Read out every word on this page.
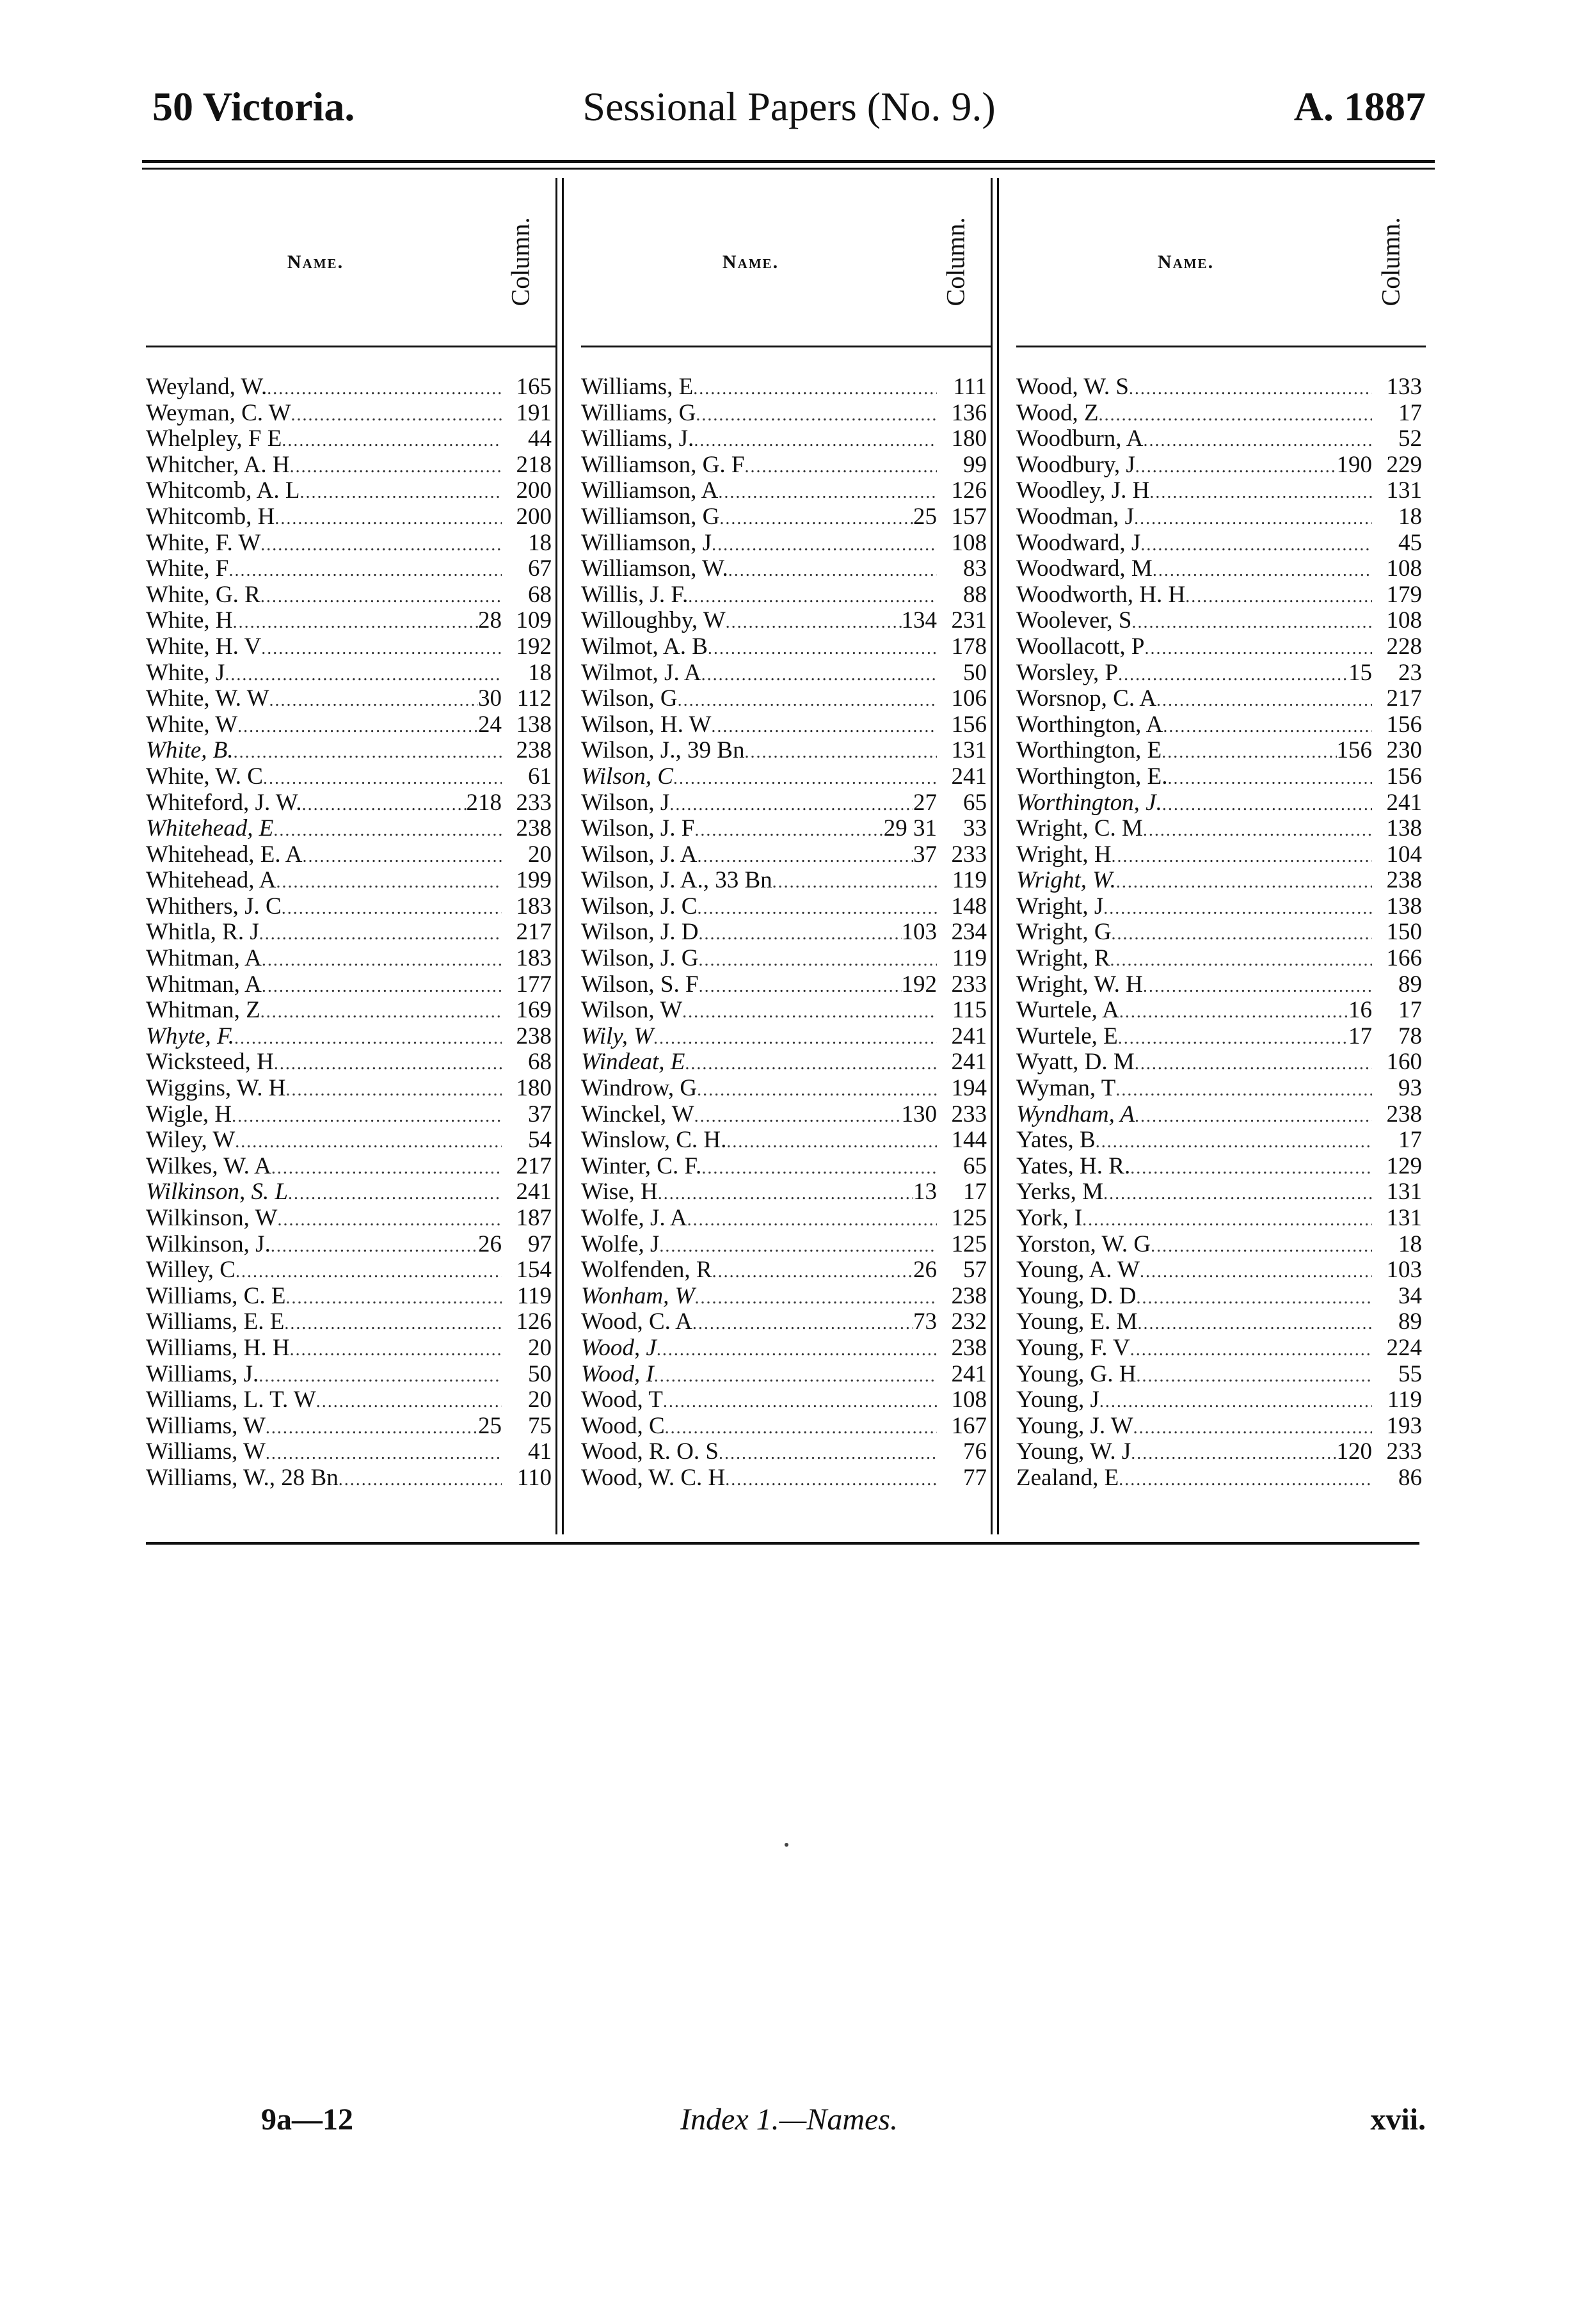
50 Victoria.	Sessional Papers (No. 9.)	A. 1887
Name.	Column.
Weyland, W. .....	165
Weyman, C. W .....	191
Whelpley, F E .....	44
Whitcher, A. H .....	218
Whitcomb, A. L .....	200
Whitcomb, H .....	200
White, F. W .....	18
White, F .....	67
White, G. R .....	68
White, H .....	28 109
White, H. V .....	192
White, J .....	18
White, W. W .....	30 112
White, W .....	24 138
White, B. .....	238
White, W. C .....	61
Whiteford, J. W. .....	218 233
Whitehead, E .....	238
Whitehead, E. A .....	20
Whitehead, A .....	199
Whithers, J. C .....	183
Whitla, R. J .....	217
Whitman, A .....	183
Whitman, A .....	177
Whitman, Z .....	169
Whyte, F. .....	238
Wicksteed, H .....	68
Wiggins, W. H .....	180
Wigle, H .....	37
Wiley, W .....	54
Wilkes, W. A .....	217
Wilkinson, S. L .....	241
Wilkinson, W .....	187
Wilkinson, J. .....	26	97
Willey, C .....	154
Williams, C. E .....	119
Williams, E. E .....	126
Williams, H. H .....	20
Williams, J. .....	50
Williams, L. T. W .....	20
Williams, W .....	25	75
Williams, W .....	41
Williams, W., 28 Bn .....	110
Name.	Column.
Williams, E .....	111
Williams, G .....	136
Williams, J. .....	180
Williamson, G. F .....	99
Williamson, A .....	126
Williamson, G .....	25 157
Williamson, J .....	108
Williamson, W. .....	83
Willis, J. F. .....	88
Willoughby, W .....	134 231
Wilmot, A. B .....	178
Wilmot, J. A .....	50
Wilson, G .....	106
Wilson, H. W .....	156
Wilson, J., 39 Bn .....	131
Wilson, C .....	241
Wilson, J .....	27	65
Wilson, J. F .....	29 31	33
Wilson, J. A .....	37 233
Wilson, J. A., 33 Bn .....	119
Wilson, J. C .....	148
Wilson, J. D .....	103 234
Wilson, J. G .....	119
Wilson, S. F .....	192 233
Wilson, W .....	115
Wily, W .....	241
Windeat, E .....	241
Windrow, G .....	194
Winckel, W .....	130 233
Winslow, C. H. .....	144
Winter, C. F. .....	65
Wise, H .....	13	17
Wolfe, J. A .....	125
Wolfe, J .....	125
Wolfenden, R .....	26	57
Wonham, W .....	238
Wood, C. A .....	73 232
Wood, J .....	238
Wood, I .....	241
Wood, T .....	108
Wood, C .....	167
Wood, R. O. S .....	76
Wood, W. C. H .....	77
Name.	Column.
Wood, W. S .....	133
Wood, Z .....	17
Woodburn, A .....	52
Woodbury, J .....	190 229
Woodley, J. H .....	131
Woodman, J .....	18
Woodward, J .....	45
Woodward, M .....	108
Woodworth, H. H .....	179
Woolever, S .....	108
Woollacott, P .....	228
Worsley, P .....	15	23
Worsnop, C. A .....	217
Worthington, A .....	156
Worthington, E .....	156 230
Worthington, E. .....	156
Worthington, J. .....	241
Wright, C. M .....	138
Wright, H .....	104
Wright, W. .....	238
Wright, J .....	138
Wright, G .....	150
Wright, R .....	166
Wright, W. H .....	89
Wurtele, A .....	16	17
Wurtele, E .....	17	78
Wyatt, D. M .....	160
Wyman, T .....	93
Wyndham, A .....	238
Yates, B .....	17
Yates, H. R. .....	129
Yerks, M .....	131
York, I .....	131
Yorston, W. G .....	18
Young, A. W .....	103
Young, D. D .....	34
Young, E. M .....	89
Young, F. V .....	224
Young, G. H .....	55
Young, J .....	119
Young, J. W .....	193
Young, W. J .....	120 233
Zealand, E .....	86
9a—12	Index 1.—Names.	xvii.
